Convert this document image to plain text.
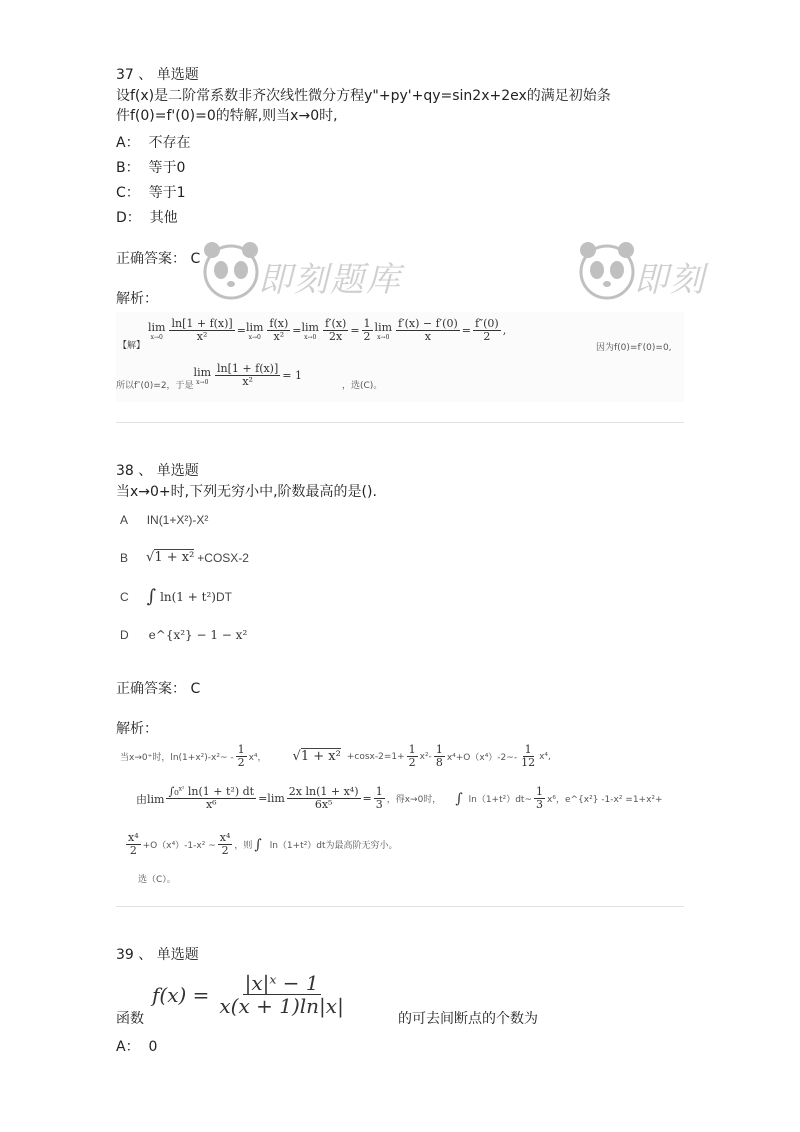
37 、 单选题
设f(x)是二阶常系数非齐次线性微分方程y"+py'+qy=sin2x+2ex的满足初始条
件f(0)=f'(0)=0的特解,则当x→0时,
A： 不存在
B： 等于0
C： 等于1
D： 其他
正确答案： C
即刻题库	即刻
解析：
【解】
lim
$x\to 0 \frac{\ln[1 + f(x)]}{\text{x²}} = \lim$
$x\to 0 \frac{f(x)}{\text{x²}} = \lim$
$x\to 0 \frac{f'(x)}{2x} = \frac{1}{2}$ lim
$x\to 0 \frac{f'(x) - f'(0)}{x} = \frac{f''(0)}{2}$ ,
因为f(0)=f′(0)=0,
所以f″(0)=2，于是
lim
$x\to 0 \frac{\ln[1 + f(x)]}{\text{x²}} = 1$
，选(C)。
38 、 单选题
当x→0+时,下列无穷小中,阶数最高的是().
A IN(1+X²)-X²
B √1 + x² +COSX-2
C ∫ ln(1 + t²) DT
D e^{x²} − 1 − x²
正确答案： C
解析：
当x→0⁺时，ln(1+x²)-x²~ - $\frac{1}{2} x^4$， $√1 + x^2 +\cos x-2=1+ \frac{1}{2} x^2- \frac{1}{8}$ x⁴+O（x⁴）-2~- $\frac{1}{12} x^4$,
由$\lim \frac{\int_0^{x^2} \ln(1 + t^2) dt}{\text{x⁶}} =\lim \frac{\text{2x ln(1 + x⁴)}}{\text{6x⁵}} = \frac{1}{3}$ ，得x→0时， ∫ ln（1+t²）dt~ $\frac{1}{3} x^6$，e^{x²} -1-x² =1+x²+
$\frac{\text{x⁴}}{2} +O(x^4)-1-x^2$ ~ $\frac{\text{x⁴}}{2}$ ，则 ∫ ln（1+t²）dt为最高阶无穷小。
选（C）。
39 、 单选题
$f(x) = \frac{\text{|x|ˣ − 1}}{x(x + 1)\ln|x|}$
函数	的可去间断点的个数为
A： 0
